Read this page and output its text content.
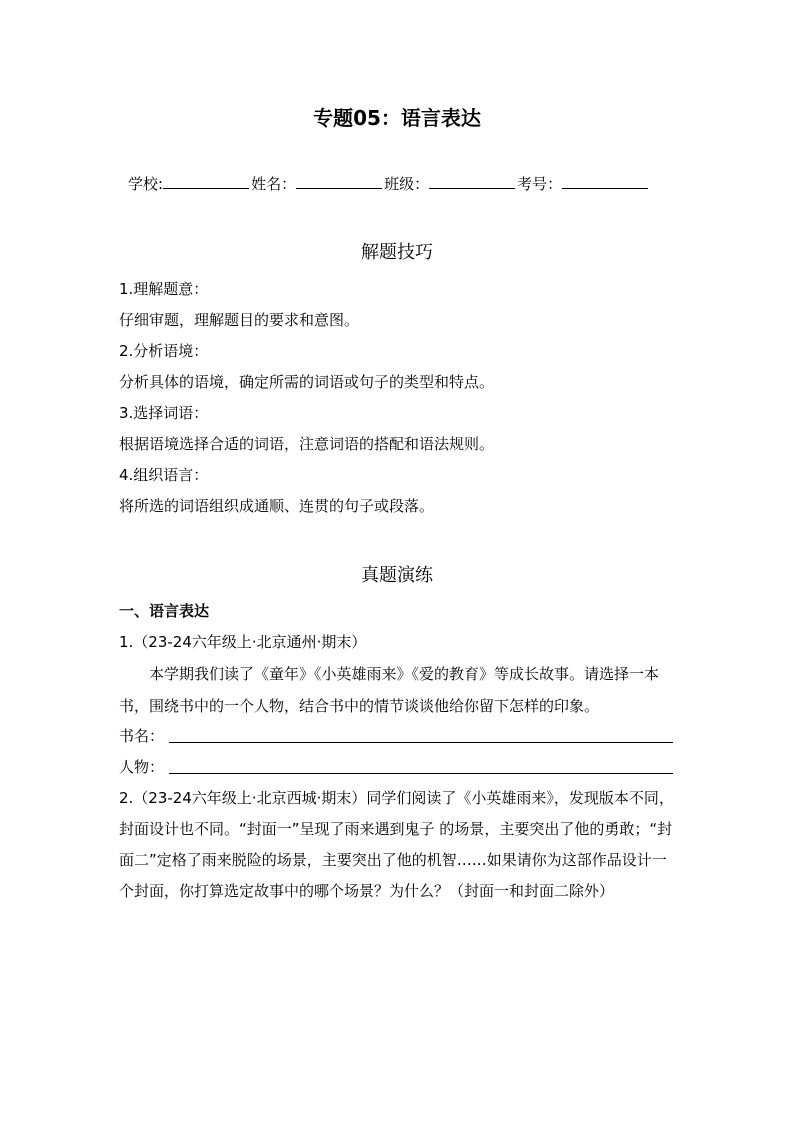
专题05：语言表达
学校:	姓名：	班级：	考号：
解题技巧
1.理解题意：
仔细审题，理解题目的要求和意图。
2.分析语境：
分析具体的语境，确定所需的词语或句子的类型和特点。
3.选择词语：
根据语境选择合适的词语，注意词语的搭配和语法规则。
4.组织语言：
将所选的词语组织成通顺、连贯的句子或段落。
真题演练
一、语言表达
1.（23-24六年级上·北京通州·期末）
本学期我们读了《童年》《小英雄雨来》《爱的教育》等成长故事。请选择一本书，围绕书中的一个人物，结合书中的情节谈谈他给你留下怎样的印象。
书名：
人物：
2.（23-24六年级上·北京西城·期末）同学们阅读了《小英雄雨来》，发现版本不同，封面设计也不同。“封面一”呈现了雨来遇到鬼子 的场景，主要突出了他的勇敢；“封面二”定格了雨来脱险的场景，主要突出了他的机智……如果请你为这部作品设计一个封面，你打算选定故事中的哪个场景？为什么？（封面一和封面二除外）
